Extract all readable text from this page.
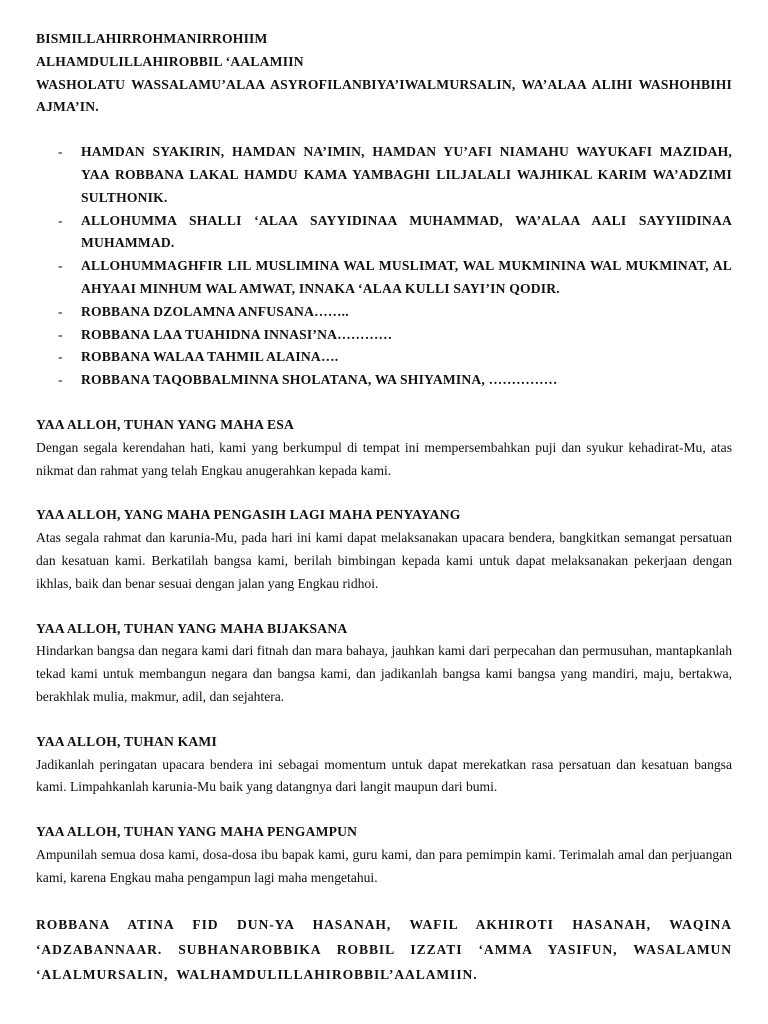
BISMILLAHIRROHMANIRROHIIM

ALHAMDULILLAHIROBBIL ‘AALAMIIN

WASHOLATU WASSALAMU’ALAA ASYROFILANBIYA’IWALMURSALIN, WA’ALAA ALIHI WASHOHBIHI AJMA’IN.

- HAMDAN SYAKIRIN, HAMDAN NA’IMIN, HAMDAN YU’AFI NIAMAHU WAYUKAFI MAZIDAH, YAA ROBBANA LAKAL HAMDU KAMA YAMBAGHI LILJALALI WAJHIKAL KARIM WA’ADZIMI SULTHONIK.
- ALLOHUMMA SHALLI ‘ALAA SAYYIDINAA MUHAMMAD, WA’ALAA AALI SAYYIIDINAA MUHAMMAD.
- ALLOHUMMAGHFIR LIL MUSLIMINA WAL MUSLIMAT, WAL MUKMININA WAL MUKMINAT, AL AHYAAI MINHUM WAL AMWAT, INNAKA ‘ALAA KULLI SAYI’IN QODIR.
- ROBBANA DZOLAMNA ANFUSANA……..
- ROBBANA LAA TUAHIDNA INNASI’NA…………
- ROBBANA WALAA TAHMIL ALAINA….
- ROBBANA TAQOBBALMINNA SHOLATANA, WA SHIYAMINA, ……………

YAA ALLOH, TUHAN YANG MAHA ESA

Dengan segala kerendahan hati, kami yang berkumpul di tempat ini mempersembahkan puji dan syukur kehadirat-Mu, atas nikmat dan rahmat yang telah Engkau anugerahkan kepada kami.

YAA ALLOH, YANG MAHA PENGASIH LAGI MAHA PENYAYANG

Atas segala rahmat dan karunia-Mu, pada hari ini kami dapat melaksanakan upacara bendera, bangkitkan semangat persatuan dan kesatuan kami. Berkatilah bangsa kami, berilah bimbingan kepada kami untuk dapat melaksanakan pekerjaan dengan ikhlas, baik dan benar sesuai dengan jalan yang Engkau ridhoi.

YAA ALLOH, TUHAN YANG MAHA BIJAKSANA

Hindarkan bangsa dan negara kami dari fitnah dan mara bahaya, jauhkan kami dari perpecahan dan permusuhan, mantapkanlah tekad kami untuk membangun negara dan bangsa kami, dan jadikanlah bangsa kami bangsa yang mandiri, maju, bertakwa, berakhlak mulia, makmur, adil, dan sejahtera.

YAA ALLOH, TUHAN KAMI

Jadikanlah peringatan upacara bendera ini sebagai momentum untuk dapat merekatkan rasa persatuan dan kesatuan bangsa kami. Limpahkanlah karunia-Mu baik yang datangnya dari langit maupun dari bumi.

YAA ALLOH, TUHAN YANG MAHA PENGAMPUN

Ampunilah semua dosa kami, dosa-dosa ibu bapak kami, guru kami, dan para pemimpin kami. Terimalah amal dan perjuangan kami, karena Engkau maha pengampun lagi maha mengetahui.

ROBBANA ATINA FID DUN-YA HASANAH, WAFIL AKHIROTI HASANAH, WAQINA ‘ADZABANNAAR. SUBHANAROBBIKA ROBBIL IZZATI ‘AMMA YASIFUN, WASALAMUN ‘ALALMURSALIN, WALHAMDULILLAHIROBBIL’AALAMIIN.
